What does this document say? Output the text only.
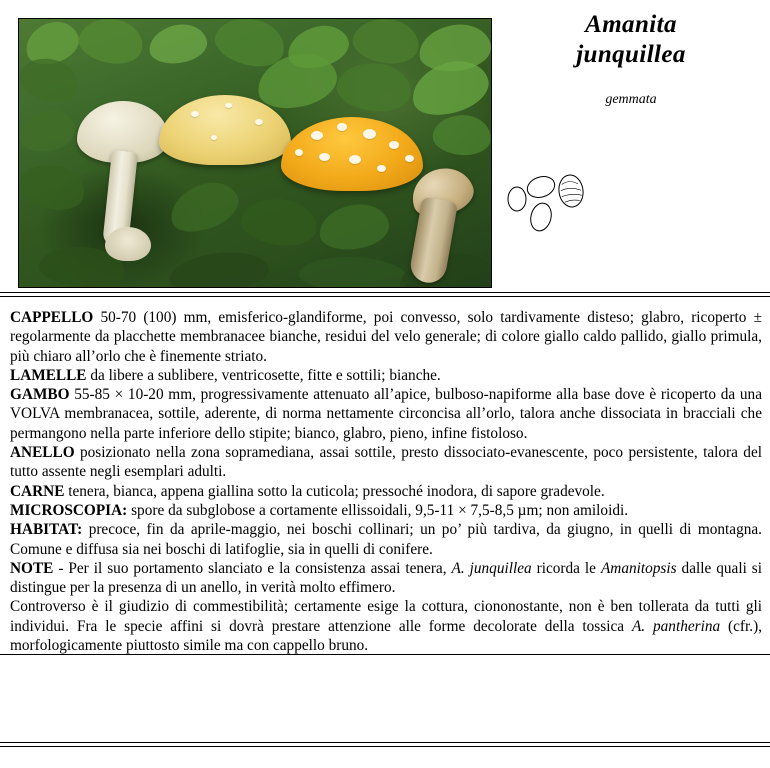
Amanita
junquillea
gemmata

CAPPELLO 50-70 (100) mm, emisferico-glandiforme, poi convesso, solo tardivamente disteso; glabro, ricoperto ± regolarmente da placchette membranacee bianche, residui del velo generale; di colore giallo caldo pallido, giallo primula, più chiaro all’orlo che è finemente striato.

LAMELLE da libere a sublibere, ventricosette, fitte e sottili; bianche.

GAMBO 55-85 × 10-20 mm, progressivamente attenuato all’apice, bulboso-napiforme alla base dove è ricoperto da una VOLVA membranacea, sottile, aderente, di norma nettamente circoncisa all’orlo, talora anche dissociata in bracciali che permangono nella parte inferiore dello stipite; bianco, glabro, pieno, infine fistoloso.

ANELLO posizionato nella zona sopramediana, assai sottile, presto dissociato-evanescente, poco persistente, talora del tutto assente negli esemplari adulti.

CARNE tenera, bianca, appena giallina sotto la cuticola; pressoché inodora, di sapore gradevole.

MICROSCOPIA: spore da subglobose a cortamente ellissoidali, 9,5-11 × 7,5-8,5 µm; non amiloidi.

HABITAT: precoce, fin da aprile-maggio, nei boschi collinari; un po’ più tardiva, da giugno, in quelli di montagna. Comune e diffusa sia nei boschi di latifoglie, sia in quelli di conifere.

NOTE - Per il suo portamento slanciato e la consistenza assai tenera, A. junquillea ricorda le Amanitopsis dalle quali si distingue per la presenza di un anello, in verità molto effimero.

Controverso è il giudizio di commestibilità; certamente esige la cottura, ciononostante, non è ben tollerata da tutti gli individui. Fra le specie affini si dovrà prestare attenzione alle forme decolorate della tossica A. pantherina (cfr.), morfologicamente piuttosto simile ma con cappello bruno.
